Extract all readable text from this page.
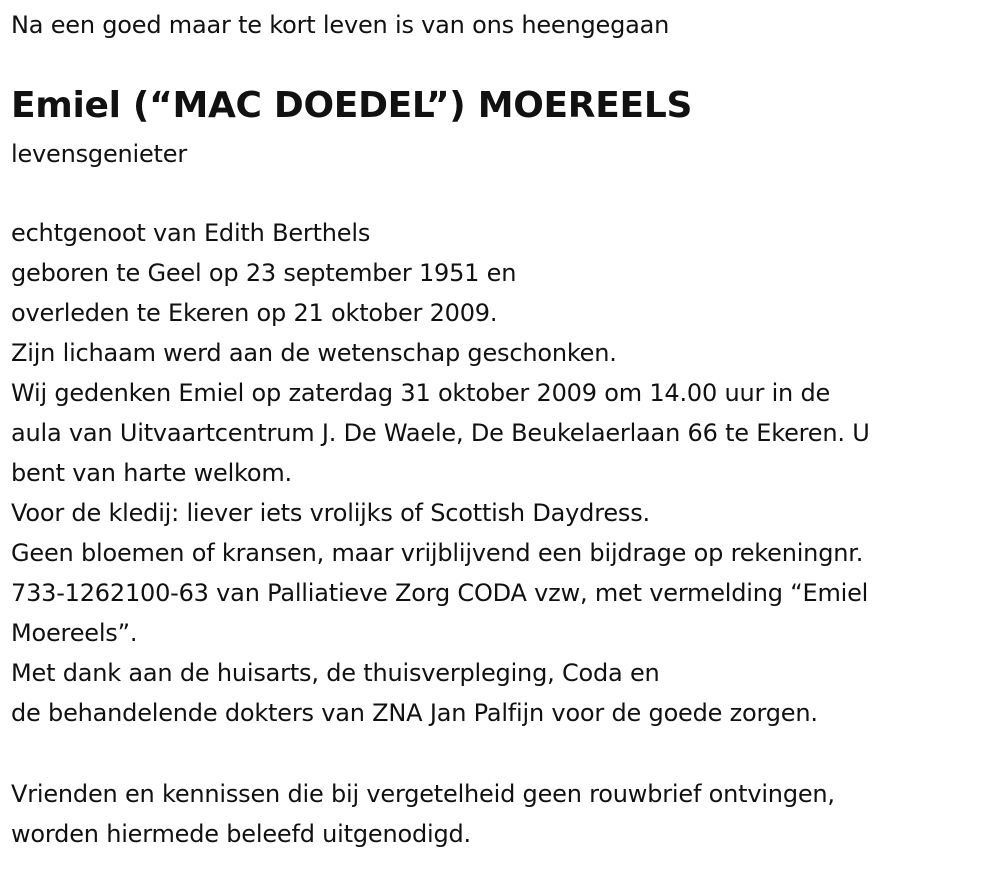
Na een goed maar te kort leven is van ons heengegaan
Emiel (“MAC DOEDEL”) MOEREELS
levensgenieter
echtgenoot van Edith Berthels
geboren te Geel op 23 september 1951 en
overleden te Ekeren op 21 oktober 2009.
Zijn lichaam werd aan de wetenschap geschonken.
Wij gedenken Emiel op zaterdag 31 oktober 2009 om 14.00 uur in de
aula van Uitvaartcentrum J. De Waele, De Beukelaerlaan 66 te Ekeren. U
bent van harte welkom.
Voor de kledij: liever iets vrolijks of Scottish Daydress.
Geen bloemen of kransen, maar vrijblijvend een bijdrage op rekeningnr.
733-1262100-63 van Palliatieve Zorg CODA vzw, met vermelding “Emiel
Moereels”.
Met dank aan de huisarts, de thuisverpleging, Coda en
de behandelende dokters van ZNA Jan Palfijn voor de goede zorgen.
Vrienden en kennissen die bij vergetelheid geen rouwbrief ontvingen,
worden hiermede beleefd uitgenodigd.
